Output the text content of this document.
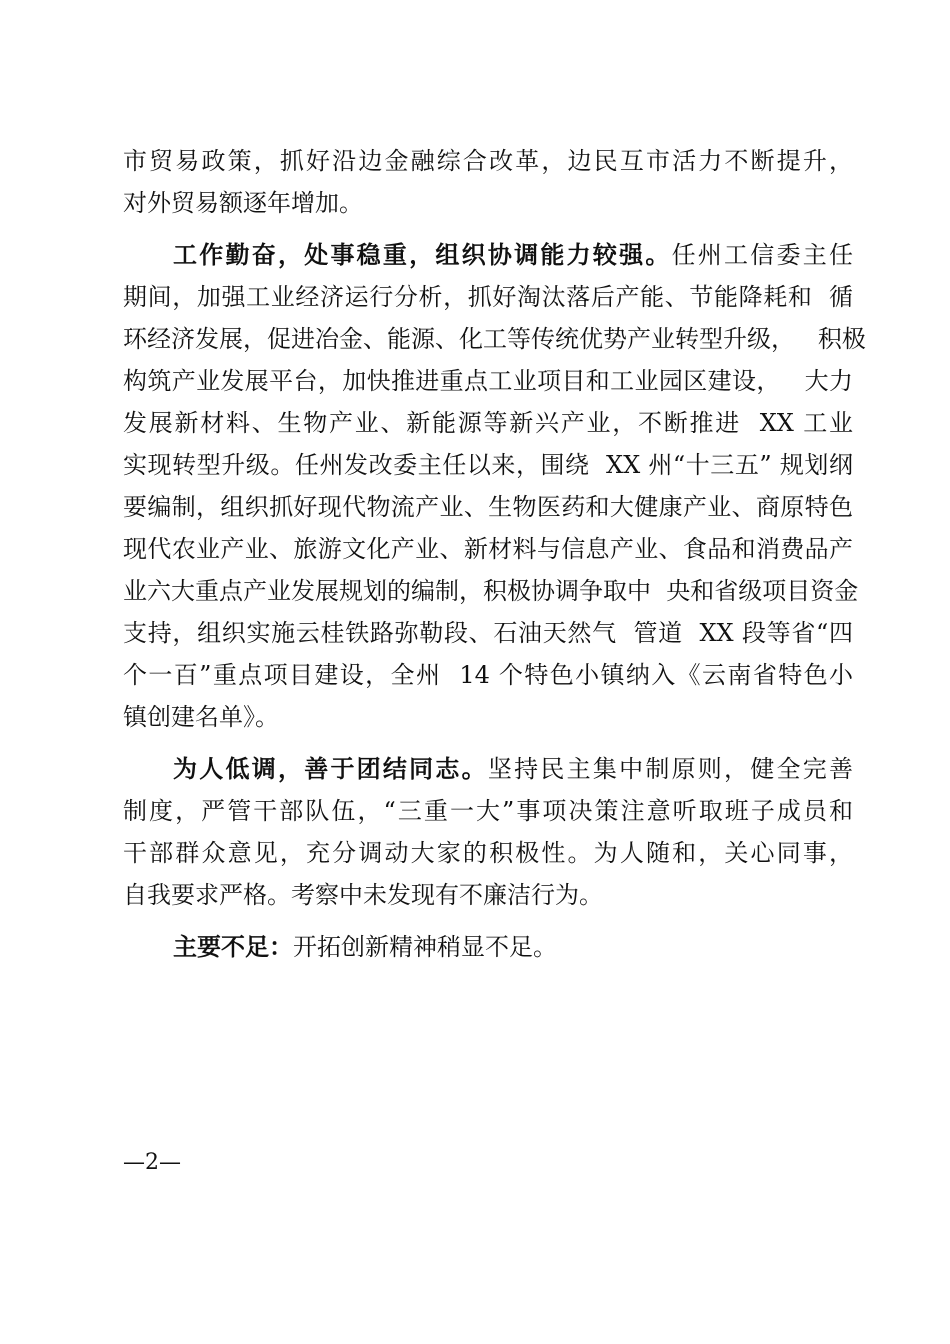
市贸易政策，抓好沿边金融综合改革，边民互市活力不断提升，
对外贸易额逐年增加。
工作勤奋，处事稳重，组织协调能力较强。任州工信委主任
期间，加强工业经济运行分析，抓好淘汰落后产能、节能降耗和  循
环经济发展，促进冶金、能源、化工等传统优势产业转型升级，   积极
构筑产业发展平台，加快推进重点工业项目和工业园区建设，   大力
发展新材料、生物产业、新能源等新兴产业，不断推进  XX 工业
实现转型升级。任州发改委主任以来，围绕  XX 州“十三五” 规划纲
要编制，组织抓好现代物流产业、生物医药和大健康产业、商原特色
现代农业产业、旅游文化产业、新材料与信息产业、食品和消费品产
业六大重点产业发展规划的编制，积极协调争取中  央和省级项目资金
支持，组织实施云桂铁路弥勒段、石油天然气  管道  XX 段等省“四
个一百”重点项目建设，全州  14 个特色小镇纳入《云南省特色小
镇创建名单》。
为人低调，善于团结同志。坚持民主集中制原则，健全完善
制度，严管干部队伍，“三重一大”事项决策注意听取班子成员和
干部群众意见，充分调动大家的积极性。为人随和，关心同事，
自我要求严格。考察中未发现有不廉洁行为。
主要不足：开拓创新精神稍显不足。
—2—
